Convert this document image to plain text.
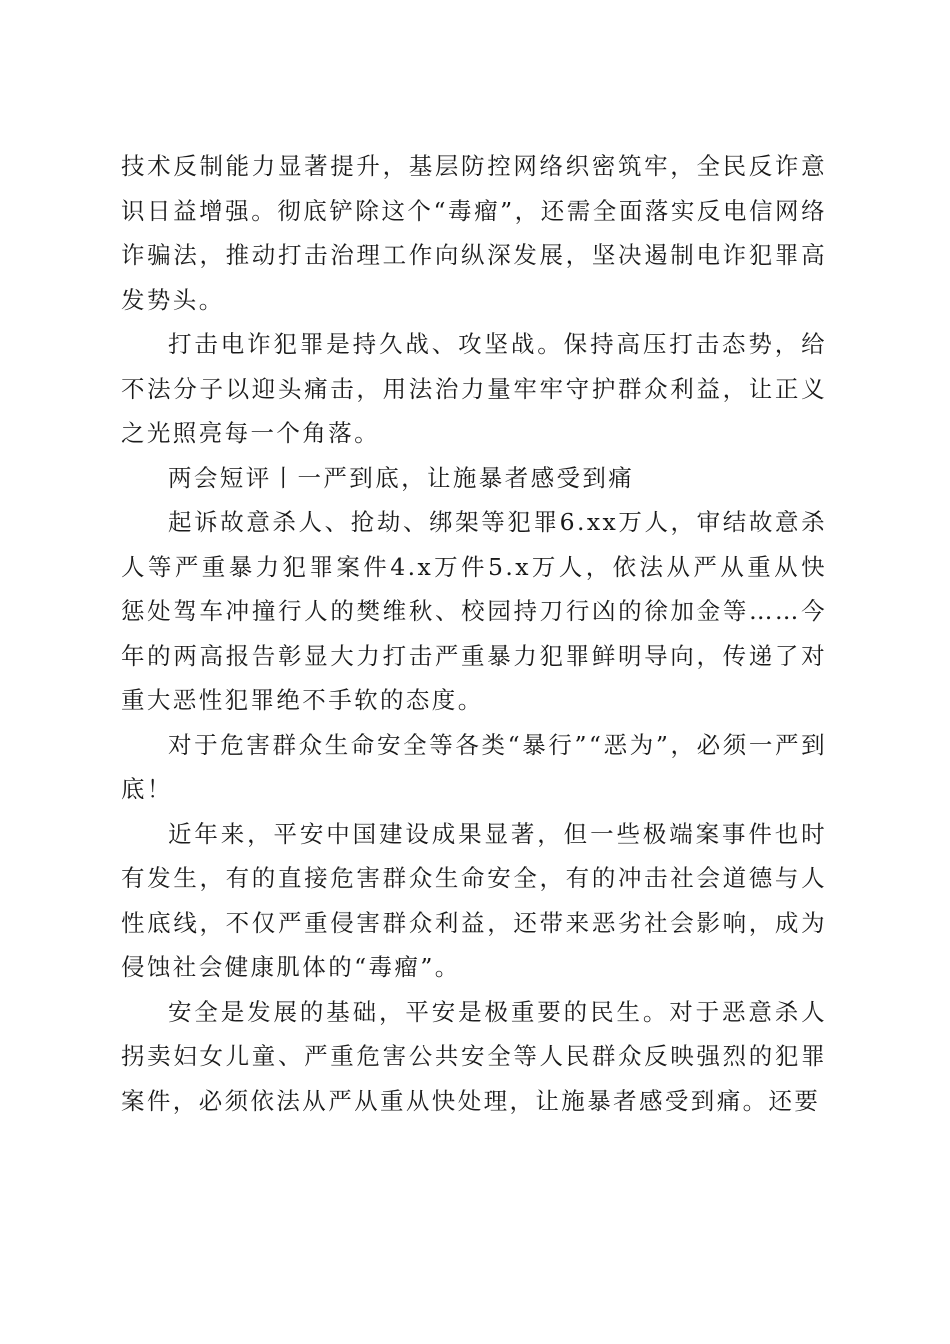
技术反制能力显著提升，基层防控网络织密筑牢，全民反诈意识日益增强。彻底铲除这个“毒瘤”，还需全面落实反电信网络诈骗法，推动打击治理工作向纵深发展，坚决遏制电诈犯罪高发势头。

打击电诈犯罪是持久战、攻坚战。保持高压打击态势，给不法分子以迎头痛击，用法治力量牢牢守护群众利益，让正义之光照亮每一个角落。

两会短评丨一严到底，让施暴者感受到痛

起诉故意杀人、抢劫、绑架等犯罪6.xx万人，审结故意杀人等严重暴力犯罪案件4.x万件5.x万人，依法从严从重从快惩处驾车冲撞行人的樊维秋、校园持刀行凶的徐加金等……今年的两高报告彰显大力打击严重暴力犯罪鲜明导向，传递了对重大恶性犯罪绝不手软的态度。

对于危害群众生命安全等各类“暴行”“恶为”，必须一严到底！

近年来，平安中国建设成果显著，但一些极端案事件也时有发生，有的直接危害群众生命安全，有的冲击社会道德与人性底线，不仅严重侵害群众利益，还带来恶劣社会影响，成为侵蚀社会健康肌体的“毒瘤”。

安全是发展的基础，平安是极重要的民生。对于恶意杀人拐卖妇女儿童、严重危害公共安全等人民群众反映强烈的犯罪案件，必须依法从严从重从快处理，让施暴者感受到痛。还要
